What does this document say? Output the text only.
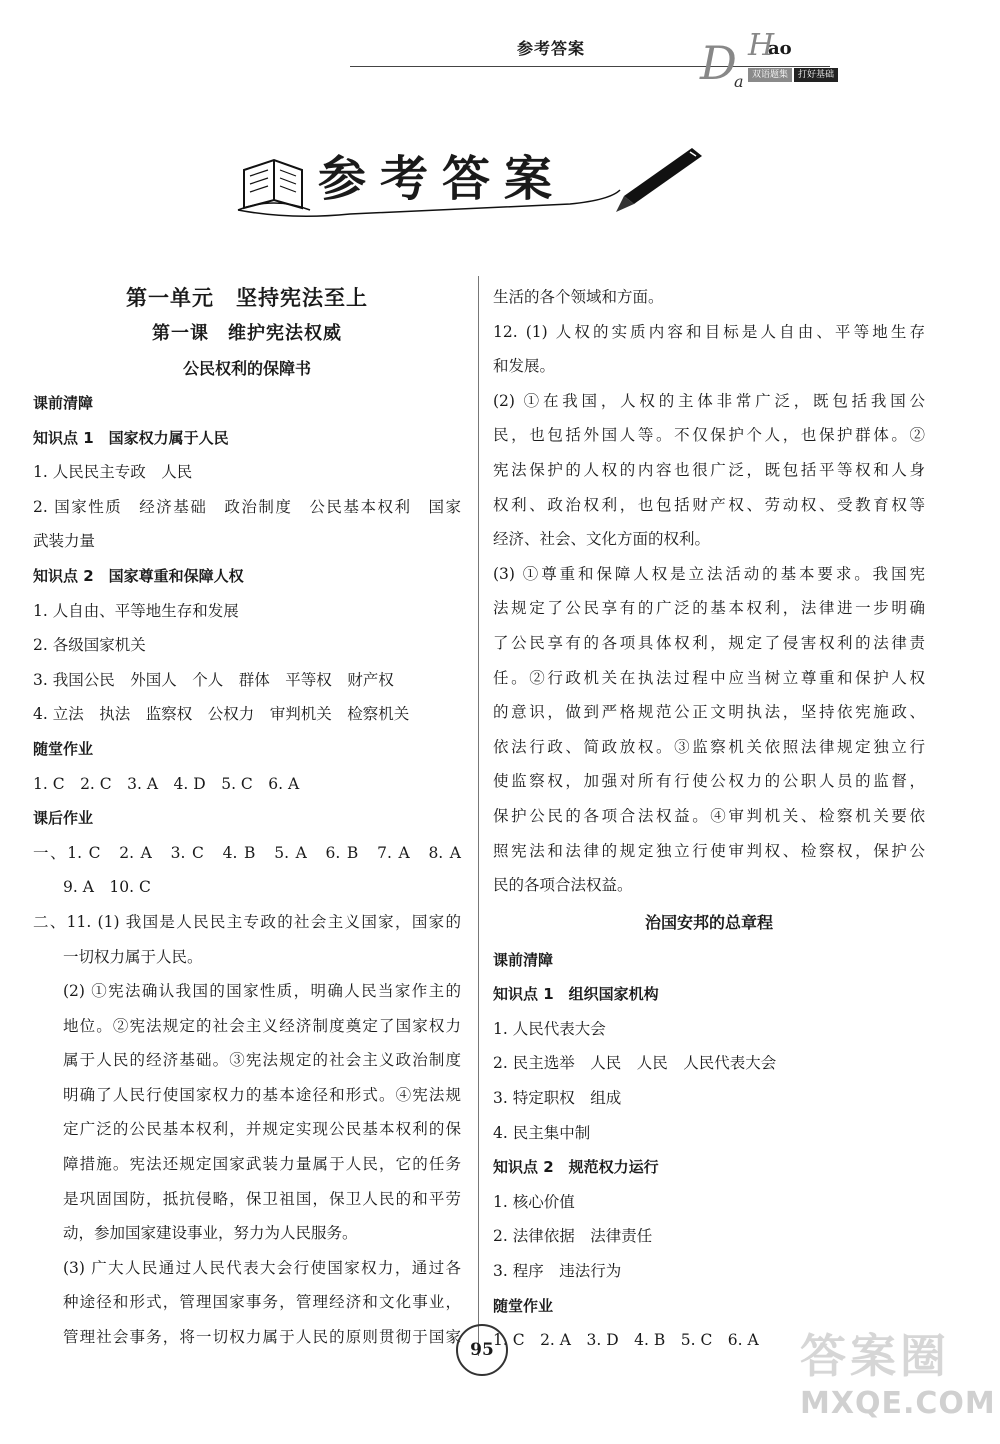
参考答案 D
a
H
ao
双语题集	打好基础
参考答案
第一单元　坚持宪法至上
第一课　维护宪法权威
公民权利的保障书
课前清障
知识点 1　国家权力属于人民
1. 人民民主专政　人民
2. 国家性质　经济基础　政治制度　公民基本权利　国家
武装力量
知识点 2　国家尊重和保障人权
1. 人自由、平等地生存和发展
2. 各级国家机关
3. 我国公民　外国人　个人　群体　平等权　财产权
4. 立法　执法　监察权　公权力　审判机关　检察机关
随堂作业
1. C　2. C　3. A　4. D　5. C　6. A
课后作业
一、1. C　2. A　3. C　4. B　5. A　6. B　7. A　8. A
9. A　10. C
二、11. (1) 我国是人民民主专政的社会主义国家，国家的
一切权力属于人民。
(2) ①宪法确认我国的国家性质，明确人民当家作主的
地位。②宪法规定的社会主义经济制度奠定了国家权力
属于人民的经济基础。③宪法规定的社会主义政治制度
明确了人民行使国家权力的基本途径和形式。④宪法规
定广泛的公民基本权利，并规定实现公民基本权利的保
障措施。宪法还规定国家武装力量属于人民，它的任务
是巩固国防，抵抗侵略，保卫祖国，保卫人民的和平劳
动，参加国家建设事业，努力为人民服务。
(3) 广大人民通过人民代表大会行使国家权力，通过各
种途径和形式，管理国家事务，管理经济和文化事业，
管理社会事务，将一切权力属于人民的原则贯彻于国家
生活的各个领域和方面。
12. (1) 人权的实质内容和目标是人自由、平等地生存
和发展。
(2) ①在我国，人权的主体非常广泛，既包括我国公
民，也包括外国人等。不仅保护个人，也保护群体。②
宪法保护的人权的内容也很广泛，既包括平等权和人身
权利、政治权利，也包括财产权、劳动权、受教育权等
经济、社会、文化方面的权利。
(3) ①尊重和保障人权是立法活动的基本要求。我国宪
法规定了公民享有的广泛的基本权利，法律进一步明确
了公民享有的各项具体权利，规定了侵害权利的法律责
任。②行政机关在执法过程中应当树立尊重和保护人权
的意识，做到严格规范公正文明执法，坚持依宪施政、
依法行政、简政放权。③监察机关依照法律规定独立行
使监察权，加强对所有行使公权力的公职人员的监督，
保护公民的各项合法权益。④审判机关、检察机关要依
照宪法和法律的规定独立行使审判权、检察权，保护公
民的各项合法权益。
治国安邦的总章程
课前清障
知识点 1　组织国家机构
1. 人民代表大会
2. 民主选举　人民　人民　人民代表大会
3. 特定职权　组成
4. 民主集中制
知识点 2　规范权力运行
1. 核心价值
2. 法律依据　法律责任
3. 程序　违法行为
随堂作业
1. C　2. A　3. D　4. B　5. C　6. A
95	答案圈
MXQE.COM
